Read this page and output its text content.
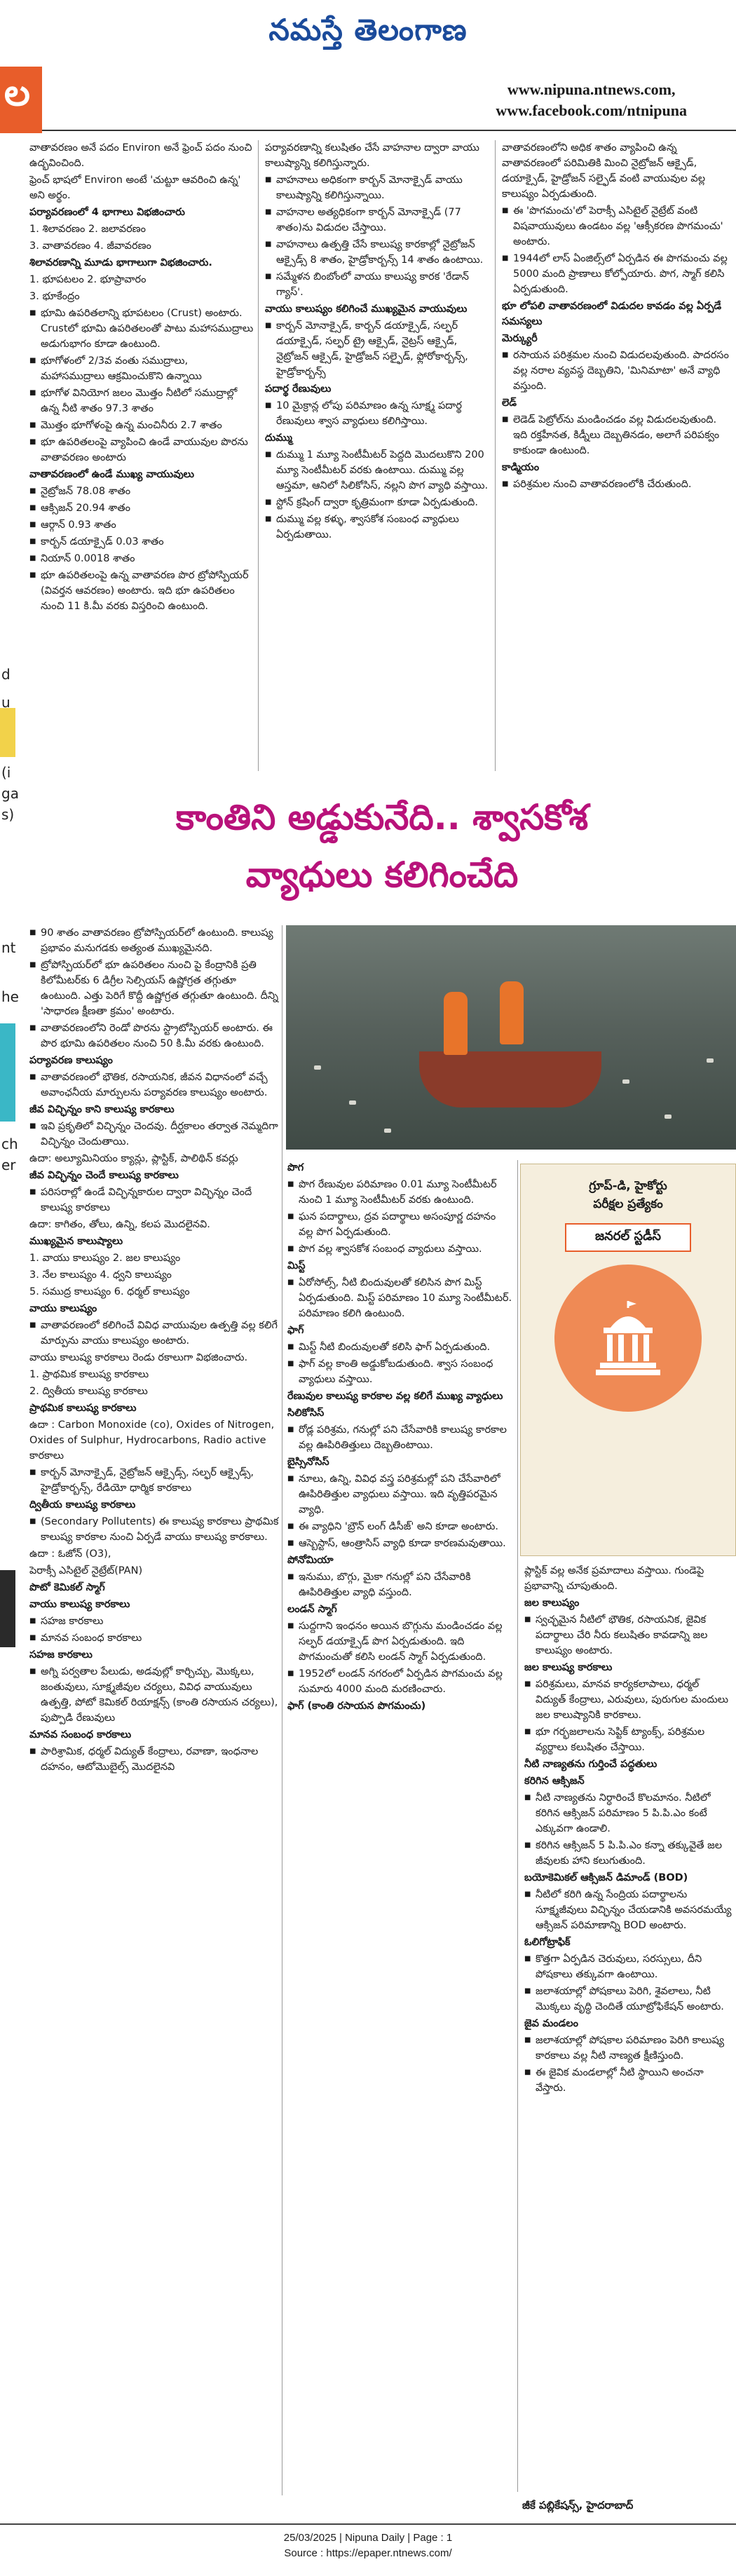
నమస్తే తెలంగాణ
ల	www.nipuna.ntnews.com,
www.facebook.com/ntnipuna
d
u
(i
ga
s)
nt
he
ch
er
వాతావరణం అనే పదం Environ అనే ఫ్రెంచ్ పదం నుంచి ఉద్భవించింది.
ఫ్రెంచ్ భాషలో Environ అంటే 'చుట్టూ ఆవరించి ఉన్న' అని అర్థం.
పర్యావరణంలో 4 భాగాలు విభజించారు
1. శిలావరణం 2. జలావరణం
3. వాతావరణం 4. జీవావరణం
శిలావరణాన్ని మూడు భాగాలుగా విభజించారు.
1. భూపటలం 2. భూప్రావారం
3. భూకేంద్రం
■ భూమి ఉపరితలాన్ని భూపటలం (Crust) అంటారు. Crustలో భూమి ఉపరితలంతో పాటు మహాసముద్రాలు అడుగుభాగం కూడా ఉంటుంది.
■ భూగోళంలో 2/3వ వంతు సముద్రాలు, మహాసముద్రాలు ఆక్రమించుకొని ఉన్నాయి
■ భూగోళ వినియోగ జలం మొత్తం నీటిలో సముద్రాల్లో ఉన్న నీటి శాతం 97.3 శాతం
■ మొత్తం భూగోళంపై ఉన్న మంచినీరు 2.7 శాతం
■ భూ ఉపరితలంపై వ్యాపించి ఉండే వాయువుల పొరను వాతావరణం అంటారు
వాతావరణంలో ఉండే ముఖ్య వాయువులు
■ నైట్రోజన్ 78.08 శాతం
■ ఆక్సిజన్ 20.94 శాతం
■ ఆర్గాన్ 0.93 శాతం
■ కార్బన్ డయాక్సైడ్ 0.03 శాతం
■ నియాన్ 0.0018 శాతం
■ భూ ఉపరితలంపై ఉన్న వాతావరణ పొర ట్రోపోస్పియర్ (వివర్తన ఆవరణం) అంటారు. ఇది భూ ఉపరితలం నుంచి 11 కి.మీ వరకు విస్తరించి ఉంటుంది.
పర్యావరణాన్ని కలుషితం చేసే వాహనాల ద్వారా వాయు కాలుష్యాన్ని కలిగిస్తున్నారు.
■ వాహనాలు అధికంగా కార్బన్ మోనాక్సైడ్ వాయు కాలుష్యాన్ని కలిగిస్తున్నాయి.
■ వాహనాల అత్యధికంగా కార్బన్ మోనాక్సైడ్ (77 శాతం)ను విడుదల చేస్తాయి.
■ వాహనాలు ఉత్పత్తి చేసే కాలుష్య కారకాల్లో నైట్రోజన్ ఆక్సైడ్స్ 8 శాతం, హైడ్రోకార్బన్స్ 14 శాతం ఉంటాయి.
■ సమ్మేళన బింబోంలో వాయు కాలుష్య కారక 'రేడాన్ గ్యాస్'.
వాయు కాలుష్యం కలిగించే ముఖ్యమైన వాయువులు
■ కార్బన్ మోనాక్సైడ్, కార్బన్ డయాక్సైడ్, సల్ఫర్ డయాక్సైడ్, సల్ఫర్ ట్రై ఆక్సైడ్, నైట్రస్ ఆక్సైడ్, నైట్రోజన్ ఆక్సైడ్, హైడ్రోజన్ సల్ఫైడ్, ఫ్లోరోకార్బన్స్, హైడ్రోకార్బన్స్
పదార్థ రేణువులు
■ 10 మైక్రాన్ల లోపు పరిమాణం ఉన్న సూక్ష్మ పదార్థ రేణువులు శ్వాస వ్యాధులు కలిగిస్తాయి.
దుమ్ము
■ దుమ్ము 1 మ్యూ సెంటీమీటర్ పెద్దది మొదలుకొని 200 మ్యూ సెంటీమీటర్ వరకు ఉంటాయి. దుమ్ము వల్ల ఆస్తమా, ఆనిలో సిలికోసిస్, నల్లని పొగ వ్యాధి వస్తాయి.
■ స్టోన్ క్రషింగ్ ద్వారా కృత్రిమంగా కూడా ఏర్పడుతుంది.
■ దుమ్ము వల్ల కళ్ళు, శ్వాసకోశ సంబంధ వ్యాధులు ఏర్పడుతాయి.
వాతావరణంలోని అధిక శాతం వ్యాపించి ఉన్న వాతావరణంలో పరిమితికి మించి నైట్రోజన్ ఆక్సైడ్, డయాక్సైడ్, హైడ్రోజన్ సల్ఫైడ్ వంటి వాయువుల వల్ల కాలుష్యం ఏర్పడుతుంది.
■ ఈ 'పొగమంచు'లో పెరాక్సీ ఎసిటైల్ నైట్రేట్ వంటి విషవాయువులు ఉండటం వల్ల 'ఆక్సీకరణ పొగమంచు' అంటారు.
■ 1944లో లాస్ ఏంజిల్స్‌లో ఏర్పడిన ఈ పొగమంచు వల్ల 5000 మంది ప్రాణాలు కోల్పోయారు. పొగ, స్మాగ్ కలిసి ఏర్పడుతుంది.
భూ లోపలి వాతావరణంలో విడుదల కావడం వల్ల ఏర్పడే సమస్యలు
మెర్క్యురీ
■ రసాయన పరిశ్రమల నుంచి విడుదలవుతుంది. పాదరసం వల్ల నరాల వ్యవస్థ దెబ్బతిని, 'మినిమాటా' అనే వ్యాధి వస్తుంది.
లెడ్
■ లెడెడ్ పెట్రోల్‌ను మండించడం వల్ల విడుదలవుతుంది. ఇది రక్తహీనత, కిడ్నీలు దెబ్బతినడం, అలాగే పరిపక్వం కాకుండా ఉంటుంది.
కాడ్మియం
■ పరిశ్రమల నుంచి వాతావరణంలోకి చేరుతుంది.
కాంతిని అడ్డుకునేది.. శ్వాసకోశ
వ్యాధులు కలిగించేది
■ 90 శాతం వాతావరణం ట్రోపోస్పియర్‌లో ఉంటుంది. కాలుష్య ప్రభావం మనుగడకు అత్యంత ముఖ్యమైనది.
■ ట్రోపోస్పియర్‌లో భూ ఉపరితలం నుంచి పై కేంద్రానికి ప్రతి కిలోమీటర్‌కు 6 డిగ్రీల సెల్సియస్ ఉష్ణోగ్రత తగ్గుతూ ఉంటుంది. ఎత్తు పెరిగే కొద్దీ ఉష్ణోగ్రత తగ్గుతూ ఉంటుంది. దీన్ని 'సాధారణ క్షీణతా క్రమం' అంటారు.
■ వాతావరణంలోని రెండో పొరను స్ట్రాటోస్పియర్ అంటారు. ఈ పొర భూమి ఉపరితలం నుంచి 50 కి.మీ వరకు ఉంటుంది.
పర్యావరణ కాలుష్యం
■ వాతావరణంలో భౌతిక, రసాయనిక, జీవన విధానంలో వచ్చే అవాంఛనీయ మార్పులను పర్యావరణ కాలుష్యం అంటారు.
జీవ విచ్ఛిన్నం కాని కాలుష్య కారకాలు
■ ఇవి ప్రకృతిలో విచ్ఛిన్నం చెందవు. దీర్ఘకాలం తర్వాత నెమ్మదిగా విచ్ఛిన్నం చెందుతాయి.
ఉదా: అల్యూమినియం క్యాన్లు, ప్లాస్టిక్, పాలిథిన్ కవర్లు
జీవ విచ్ఛిన్నం చెందే కాలుష్య కారకాలు
■ పరిసరాల్లో ఉండే విచ్ఛిన్నకారుల ద్వారా విచ్ఛిన్నం చెందే కాలుష్య కారకాలు
ఉదా: కాగితం, తోలు, ఉన్ని, కలప మొదలైనవి.
ముఖ్యమైన కాలుష్యాలు
1. వాయు కాలుష్యం 2. జల కాలుష్యం
3. నేల కాలుష్యం 4. ధ్వని కాలుష్యం
5. సముద్ర కాలుష్యం 6. ధర్మల్ కాలుష్యం
వాయు కాలుష్యం
■ వాతావరణంలో కలిగించే వివిధ వాయువుల ఉత్పత్తి వల్ల కలిగే మార్పును వాయు కాలుష్యం అంటారు.
వాయు కాలుష్య కారకాలు రెండు రకాలుగా విభజించారు.
1. ప్రాథమిక కాలుష్య కారకాలు
2. ద్వితీయ కాలుష్య కారకాలు
ప్రాథమిక కాలుష్య కారకాలు
ఉదా : Carbon Monoxide (co), Oxides of Nitrogen, Oxides of Sulphur, Hydrocarbons, Radio active కారకాలు
■ కార్బన్ మోనాక్సైడ్, నైట్రోజన్ ఆక్సైడ్స్, సల్ఫర్ ఆక్సైడ్స్, హైడ్రోకార్బన్స్, రేడియో ధార్మిక కారకాలు
ద్వితీయ కాలుష్య కారకాలు
■ (Secondary Pollutents) ఈ కాలుష్య కారకాలు ప్రాథమిక కాలుష్య కారకాల నుంచి ఏర్పడే వాయు కాలుష్య కారకాలు.
ఉదా : ఓజోన్ (O3),
పెరాక్సీ ఎసిటైల్ నైట్రేట్(PAN)
పొటో కెమికల్ స్మాగ్
వాయు కాలుష్య కారకాలు
■ సహజ కారకాలు
■ మానవ సంబంధ కారకాలు
సహజ కారకాలు
■ అగ్ని పర్వతాల పేలుడు, అడవుల్లో కార్చిచ్చు, మొక్కలు, జంతువులు, సూక్ష్మజీవుల చర్యలు, వివిధ వాయువులు ఉత్పత్తి, పోటో కెమికల్ రియాక్షన్స్ (కాంతి రసాయన చర్యలు), పుప్పొడి రేణువులు
మానవ సంబంధ కారకాలు
■ పారిశ్రామిక, ధర్మల్ విద్యుత్ కేంద్రాలు, రవాణా, ఇంధనాల దహనం, ఆటోమొబైల్స్ మొదలైనవి
పొగ
■ పొగ రేణువుల పరిమాణం 0.01 మ్యూ సెంటీమీటర్ నుంచి 1 మ్యూ సెంటీమీటర్ వరకు ఉంటుంది.
■ ఘన పదార్థాలు, ద్రవ పదార్థాలు అసంపూర్ణ దహనం వల్ల పొగ ఏర్పడుతుంది.
■ పొగ వల్ల శ్వాసకోశ సంబంధ వ్యాధులు వస్తాయి.
మిస్ట్
■ ఏరోసోల్స్, నీటి బిందువులతో కలిసిన పొగ మిస్ట్ ఏర్పడుతుంది. మిస్ట్ పరిమాణం 10 మ్యూ సెంటీమీటర్. పరిమాణం కలిగి ఉంటుంది.
ఫాగ్
■ మిస్ట్ నీటి బిందువులతో కలిసి ఫాగ్ ఏర్పడుతుంది.
■ ఫాగ్ వల్ల కాంతి అడ్డుకోబడుతుంది. శ్వాస సంబంధ వ్యాధులు వస్తాయి.
రేణువుల కాలుష్య కారకాల వల్ల కలిగే ముఖ్య వ్యాధులు
సిలికోసిస్
■ రోడ్ల పరిశ్రమ, గనుల్లో పని చేసేవారికి కాలుష్య కారకాల వల్ల ఊపిరితిత్తులు దెబ్బతింటాయి.
బైస్సినోసిస్
■ నూలు, ఉన్ని, వివిధ వస్త్ర పరిశ్రమల్లో పని చేసేవారిలో ఊపిరితిత్తుల వ్యాధులు వస్తాయి. ఇది వృత్తిపరమైన వ్యాధి.
■ ఈ వ్యాధిని 'బ్రౌన్ లంగ్ డిసీజ్' అని కూడా అంటారు.
■ ఆస్బెస్టాస్, ఆంత్రాసిస్ వ్యాధి కూడా కారణమవుతాయి.
పోనోమియా
■ ఇనుము, బొగ్గు, మైకా గనుల్లో పని చేసేవారికి ఊపిరితిత్తుల వ్యాధి వస్తుంది.
లండన్ స్మాగ్
■ సుద్దగాని ఇంధనం అయిన బొగ్గును మండించడం వల్ల సల్ఫర్ డయాక్సైడ్ పొగ ఏర్పడుతుంది. ఇది పొగమంచుతో కలిసి లండన్ స్మాగ్ ఏర్పడుతుంది.
■ 1952లో లండన్ నగరంలో ఏర్పడిన పొగమంచు వల్ల సుమారు 4000 మంది మరణించారు.
ఫాగ్ (కాంతి రసాయన పొగమంచు)
గ్రూప్-డి, హైకోర్టు
పరీక్షల ప్రత్యేకం
జనరల్ స్టడీస్
ప్లాస్టిక్ వల్ల అనేక ప్రమాదాలు వస్తాయి. గుండెపై ప్రభావాన్ని చూపుతుంది.
జల కాలుష్యం
■ స్వచ్ఛమైన నీటిలో భౌతిక, రసాయనిక, జైవిక పదార్థాలు చేరి నీరు కలుషితం కావడాన్ని జల కాలుష్యం అంటారు.
జల కాలుష్య కారకాలు
■ పరిశ్రమలు, మానవ కార్యకలాపాలు, ధర్మల్ విద్యుత్ కేంద్రాలు, ఎరువులు, పురుగుల మందులు జల కాలుష్యానికి కారకాలు.
■ భూ గర్భజలాలను సెప్టిక్ ట్యాంక్స్, పరిశ్రమల వ్యర్థాలు కలుషితం చేస్తాయి.
నీటి నాణ్యతను గుర్తించే పద్ధతులు
కరిగిన ఆక్సిజన్
■ నీటి నాణ్యతను నిర్ధారించే కొలమానం. నీటిలో కరిగిన ఆక్సిజన్ పరిమాణం 5 పి.పి.ఎం కంటే ఎక్కువగా ఉండాలి.
■ కరిగిన ఆక్సిజన్ 5 పి.పి.ఎం కన్నా తక్కువైతే జల జీవులకు హాని కలుగుతుంది.
బయోకెమికల్ ఆక్సిజన్ డిమాండ్ (BOD)
■ నీటిలో కరిగి ఉన్న సేంద్రియ పదార్థాలను సూక్ష్మజీవులు విచ్ఛిన్నం చేయడానికి అవసరమయ్యే ఆక్సిజన్ పరిమాణాన్ని BOD అంటారు.
ఓలిగోట్రాఫిక్
■ కొత్తగా ఏర్పడిన చెరువులు, సరస్సులు, దీని పోషకాలు తక్కువగా ఉంటాయి.
■ జలాశయాల్లో పోషకాలు పెరిగి, శైవలాలు, నీటి మొక్కలు వృద్ధి చెందితే యూట్రోఫికేషన్ అంటారు.
జైవ మండలం
■ జలాశయాల్లో పోషకాల పరిమాణం పెరిగి కాలుష్య కారకాలు వల్ల నీటి నాణ్యత క్షీణిస్తుంది.
■ ఈ జైవిక మండలాల్లో నీటి స్థాయిని అంచనా వేస్తారు.
జీకే పబ్లికేషన్స్, హైదరాబాద్
25/03/2025 | Nipuna Daily | Page : 1
Source : https://epaper.ntnews.com/
